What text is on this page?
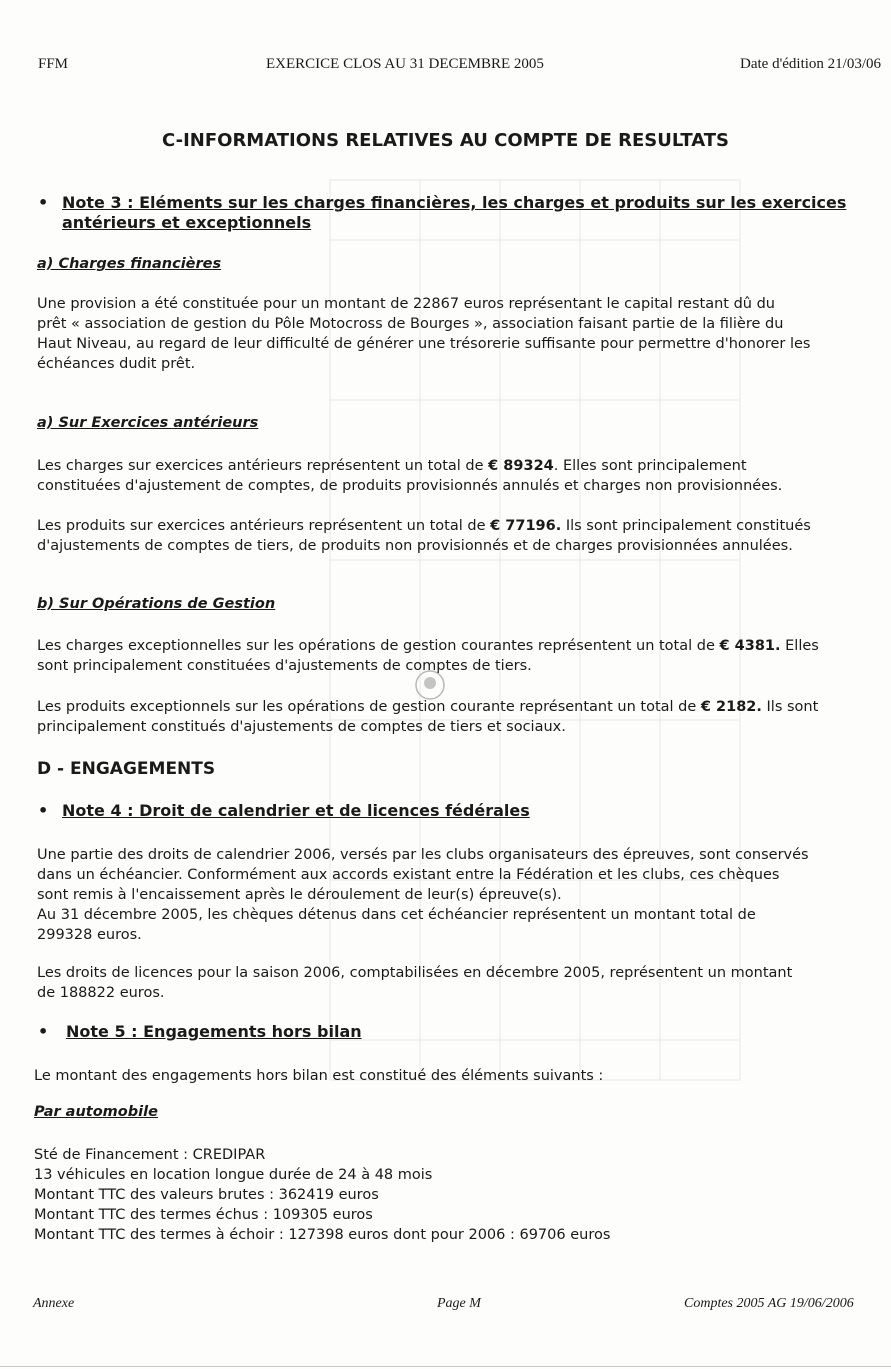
FFM	EXERCICE CLOS AU 31 DECEMBRE 2005	Date d'édition 21/03/06
C-INFORMATIONS RELATIVES AU COMPTE DE RESULTATS
• Note 3 : Eléments sur les charges financières, les charges et produits sur les exercices
antérieurs et exceptionnels
a) Charges financières
Une provision a été constituée pour un montant de 22867 euros représentant le capital restant dû du
prêt « association de gestion du Pôle Motocross de Bourges », association faisant partie de la filière du
Haut Niveau, au regard de leur difficulté de générer une trésorerie suffisante pour permettre d'honorer les
échéances dudit prêt.
a) Sur Exercices antérieurs
Les charges sur exercices antérieurs représentent un total de € 89324. Elles sont principalement
constituées d'ajustement de comptes, de produits provisionnés annulés et charges non provisionnées.
Les produits sur exercices antérieurs représentent un total de € 77196. Ils sont principalement constitués
d'ajustements de comptes de tiers, de produits non provisionnés et de charges provisionnées annulées.
b) Sur Opérations de Gestion
Les charges exceptionnelles sur les opérations de gestion courantes représentent un total de € 4381. Elles
sont principalement constituées d'ajustements de comptes de tiers.
Les produits exceptionnels sur les opérations de gestion courante représentant un total de € 2182. Ils sont
principalement constitués d'ajustements de comptes de tiers et sociaux.
D - ENGAGEMENTS
• Note 4 : Droit de calendrier et de licences fédérales
Une partie des droits de calendrier 2006, versés par les clubs organisateurs des épreuves, sont conservés
dans un échéancier. Conformément aux accords existant entre la Fédération et les clubs, ces chèques
sont remis à l'encaissement après le déroulement de leur(s) épreuve(s).
Au 31 décembre 2005, les chèques détenus dans cet échéancier représentent un montant total de
299328 euros.
Les droits de licences pour la saison 2006, comptabilisées en décembre 2005, représentent un montant
de 188822 euros.
• Note 5 : Engagements hors bilan
Le montant des engagements hors bilan est constitué des éléments suivants :
Par automobile
Sté de Financement : CREDIPAR
13 véhicules en location longue durée de 24 à 48 mois
Montant TTC des valeurs brutes : 362419 euros
Montant TTC des termes échus : 109305 euros
Montant TTC des termes à échoir : 127398 euros dont pour 2006 : 69706 euros
Annexe	Page M	Comptes 2005 AG 19/06/2006
